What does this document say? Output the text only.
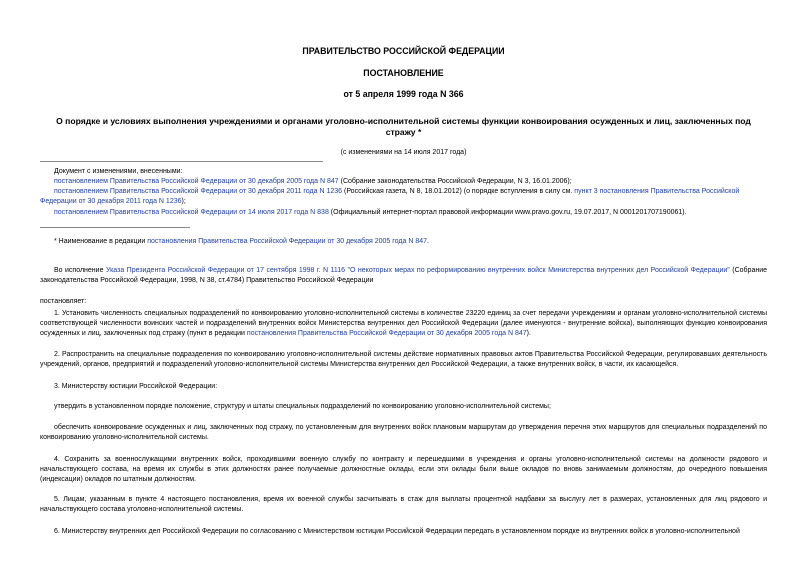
ПРАВИТЕЛЬСТВО РОССИЙСКОЙ ФЕДЕРАЦИИ
ПОСТАНОВЛЕНИЕ
от 5 апреля 1999 года N 366
О порядке и условиях выполнения учреждениями и органами уголовно-исполнительной системы функции конвоирования осужденных и лиц, заключенных под стражу *
(с изменениями на 14 июля 2017 года)
Документ с изменениями, внесенными:
постановлением Правительства Российской Федерации от 30 декабря 2005 года N 847 (Собрание законодательства Российской Федерации, N 3, 16.01.2006);
постановлением Правительства Российской Федерации от 30 декабря 2011 года N 1236 (Российская газета, N 8, 18.01.2012) (о порядке вступления в силу см. пункт 3 постановления Правительства Российской
Федерации от 30 декабря 2011 года N 1236);
постановлением Правительства Российской Федерации от 14 июля 2017 года N 838 (Официальный интернет-портал правовой информации www.pravo.gov.ru, 19.07.2017, N 0001201707190061).
* Наименование в редакции постановления Правительства Российской Федерации от 30 декабря 2005 года N 847.
Во исполнение Указа Президента Российской Федерации от 17 сентября 1998 г. N 1116 "О некоторых мерах по реформированию внутренних войск Министерства внутренних дел Российской Федерации" (Собрание законодательства Российской Федерации, 1998, N 38, ст.4784) Правительство Российской Федерации
постановляет:
1. Установить численность специальных подразделений по конвоированию уголовно-исполнительной системы в количестве 23220 единиц за счет передачи учреждениям и органам уголовно-исполнительной системы соответствующей численности воинских частей и подразделений внутренних войск Министерства внутренних дел Российской Федерации (далее именуются - внутренние войска), выполняющих функцию конвоирования осужденных и лиц, заключенных под стражу (пункт в редакции постановления Правительства Российской Федерации от 30 декабря 2005 года N 847).
2. Распространить на специальные подразделения по конвоированию уголовно-исполнительной системы действие нормативных правовых актов Правительства Российской Федерации, регулировавших деятельность учреждений, органов, предприятий и подразделений уголовно-исполнительной системы Министерства внутренних дел Российской Федерации, а также внутренних войск, в части, их касающейся.
3. Министерству юстиции Российской Федерации:
утвердить в установленном порядке положение, структуру и штаты специальных подразделений по конвоированию уголовно-исполнительной системы;
обеспечить конвоирование осужденных и лиц, заключенных под стражу, по установленным для внутренних войск плановым маршрутам до утверждения перечня этих маршрутов для специальных подразделений по конвоированию уголовно-исполнительной системы.
4. Сохранить за военнослужащими внутренних войск, проходившими военную службу по контракту и перешедшими в учреждения и органы уголовно-исполнительной системы на должности рядового и начальствующего состава, на время их службы в этих должностях ранее получаемые должностные оклады, если эти оклады были выше окладов по вновь занимаемым должностям, до очередного повышения (индексации) окладов по штатным должностям.
5. Лицам, указанным в пункте 4 настоящего постановления, время их военной службы засчитывать в стаж для выплаты процентной надбавки за выслугу лет в размерах, установленных для лиц рядового и начальствующего состава уголовно-исполнительной системы.
6. Министерству внутренних дел Российской Федерации по согласованию с Министерством юстиции Российской Федерации передать в установленном порядке из внутренних войск в уголовно-исполнительной
